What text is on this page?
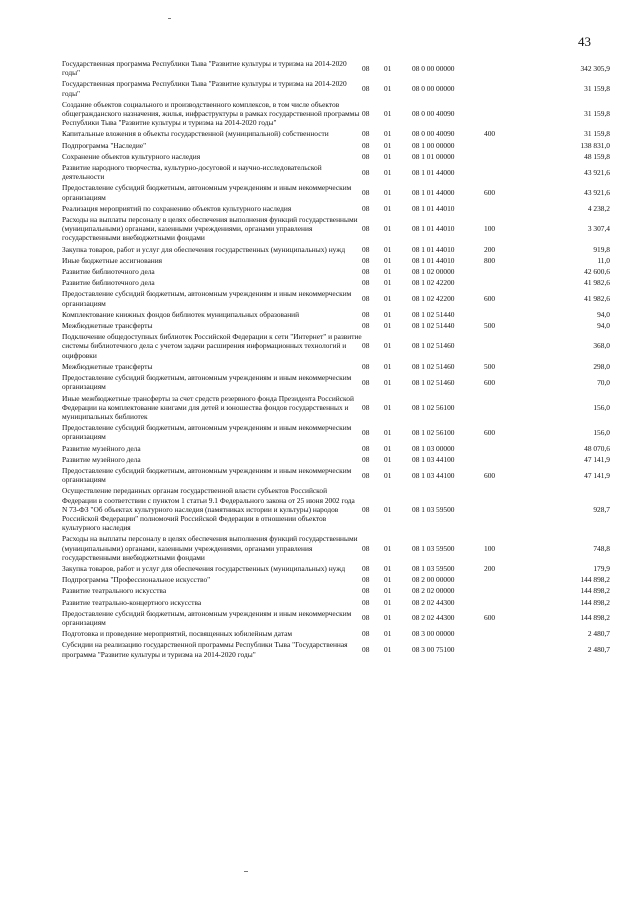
43
Государственная программа Республики Тыва "Развитие культуры и туризма на 2014-2020 годы"	08	01	08 0 00 00000		342 305,9
Государственная программа Республики Тыва "Развитие культуры и туризма на 2014-2020 годы"	08	01	08 0 00 00000		31 159,8
Создание объектов социального и производственного комплексов, в том числе объектов общегражданского назначения, жилья, инфраструктуры в рамках государственной программы Республики Тыва "Развитие культуры и туризма на 2014-2020 годы"	08	01	08 0 00 40090		31 159,8
Капитальные вложения в объекты государственной (муниципальной) собственности	08	01	08 0 00 40090	400	31 159,8
Подпрограмма "Наследие"	08	01	08 1 00 00000		138 831,0
Сохранение объектов культурного наследия	08	01	08 1 01 00000		48 159,8
Развитие народного творчества, культурно-досуговой и научно-исследовательской деятельности	08	01	08 1 01 44000		43 921,6
Предоставление субсидий бюджетным, автономным учреждениям и иным некоммерческим организациям	08	01	08 1 01 44000	600	43 921,6
Реализация мероприятий по сохранению объектов культурного наследия	08	01	08 1 01 44010		4 238,2
Расходы на выплаты персоналу в целях обеспечения выполнения функций государственными (муниципальными) органами, казенными учреждениями, органами управления государственными внебюджетными фондами	08	01	08 1 01 44010	100	3 307,4
Закупка товаров, работ и услуг для обеспечения государственных (муниципальных) нужд	08	01	08 1 01 44010	200	919,8
Иные бюджетные ассигнования	08	01	08 1 01 44010	800	11,0
Развитие библиотечного дела	08	01	08 1 02 00000		42 600,6
Развитие библиотечного дела	08	01	08 1 02 42200		41 982,6
Предоставление субсидий бюджетным, автономным учреждениям и иным некоммерческим организациям	08	01	08 1 02 42200	600	41 982,6
Комплектование книжных фондов библиотек муниципальных образований	08	01	08 1 02 51440		94,0
Межбюджетные трансферты	08	01	08 1 02 51440	500	94,0
Подключение общедоступных библиотек Российской Федерации к сети "Интернет" и развитие системы библиотечного дела с учетом задачи расширения информационных технологий и оцифровки	08	01	08 1 02 51460		368,0
Межбюджетные трансферты	08	01	08 1 02 51460	500	298,0
Предоставление субсидий бюджетным, автономным учреждениям и иным некоммерческим организациям	08	01	08 1 02 51460	600	70,0
Иные межбюджетные трансферты за счет средств резервного фонда Президента Российской Федерации на комплектование книгами для детей и юношества фондов государственных и муниципальных библиотек	08	01	08 1 02 56100		156,0
Предоставление субсидий бюджетным, автономным учреждениям и иным некоммерческим организациям	08	01	08 1 02 56100	600	156,0
Развитие музейного дела	08	01	08 1 03 00000		48 070,6
Развитие музейного дела	08	01	08 1 03 44100		47 141,9
Предоставление субсидий бюджетным, автономным учреждениям и иным некоммерческим организациям	08	01	08 1 03 44100	600	47 141,9
Осуществление переданных органам государственной власти субъектов Российской Федерации в соответствии с пунктом 1 статьи 9.1 Федерального закона от 25 июня 2002 года N 73-ФЗ "Об объектах культурного наследия (памятниках истории и культуры) народов Российской Федерации" полномочий Российской Федерации в отношении объектов культурного наследия	08	01	08 1 03 59500		928,7
Расходы на выплаты персоналу в целях обеспечения выполнения функций государственными (муниципальными) органами, казенными учреждениями, органами управления государственными внебюджетными фондами	08	01	08 1 03 59500	100	748,8
Закупка товаров, работ и услуг для обеспечения государственных (муниципальных) нужд	08	01	08 1 03 59500	200	179,9
Подпрограмма "Профессиональное искусство"	08	01	08 2 00 00000		144 898,2
Развитие театрального искусства	08	01	08 2 02 00000		144 898,2
Развитие театрально-концертного искусства	08	01	08 2 02 44300		144 898,2
Предоставление субсидий бюджетным, автономным учреждениям и иным некоммерческим организациям	08	01	08 2 02 44300	600	144 898,2
Подготовка и проведение мероприятий, посвященных юбилейным датам	08	01	08 3 00 00000		2 480,7
Субсидии на реализацию государственной программы Республики Тыва "Государственная программа "Развитие культуры и туризма на 2014-2020 годы"	08	01	08 3 00 75100		2 480,7
